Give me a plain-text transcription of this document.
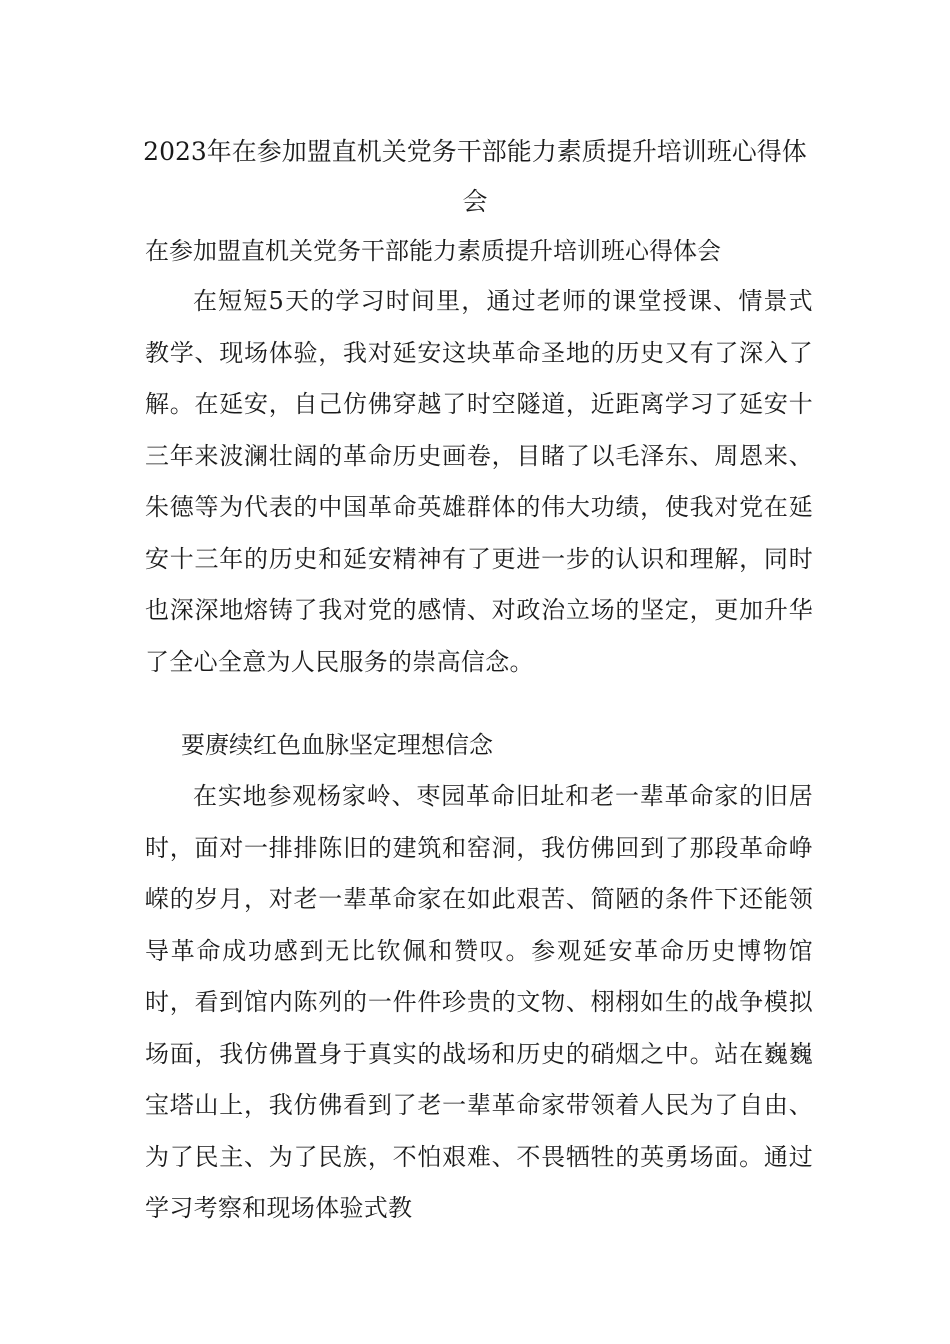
2023年在参加盟直机关党务干部能力素质提升培训班心得体会

在参加盟直机关党务干部能力素质提升培训班心得体会

在短短5天的学习时间里，通过老师的课堂授课、情景式教学、现场体验，我对延安这块革命圣地的历史又有了深入了解。在延安，自己仿佛穿越了时空隧道，近距离学习了延安十三年来波澜壮阔的革命历史画卷，目睹了以毛泽东、周恩来、朱德等为代表的中国革命英雄群体的伟大功绩，使我对党在延安十三年的历史和延安精神有了更进一步的认识和理解，同时也深深地熔铸了我对党的感情、对政治立场的坚定，更加升华了全心全意为人民服务的崇高信念。

要赓续红色血脉坚定理想信念

在实地参观杨家岭、枣园革命旧址和老一辈革命家的旧居时，面对一排排陈旧的建筑和窑洞，我仿佛回到了那段革命峥嵘的岁月，对老一辈革命家在如此艰苦、简陋的条件下还能领导革命成功感到无比钦佩和赞叹。参观延安革命历史博物馆时，看到馆内陈列的一件件珍贵的文物、栩栩如生的战争模拟场面，我仿佛置身于真实的战场和历史的硝烟之中。站在巍巍宝塔山上，我仿佛看到了老一辈革命家带领着人民为了自由、为了民主、为了民族，不怕艰难、不畏牺牲的英勇场面。通过学习考察和现场体验式教
